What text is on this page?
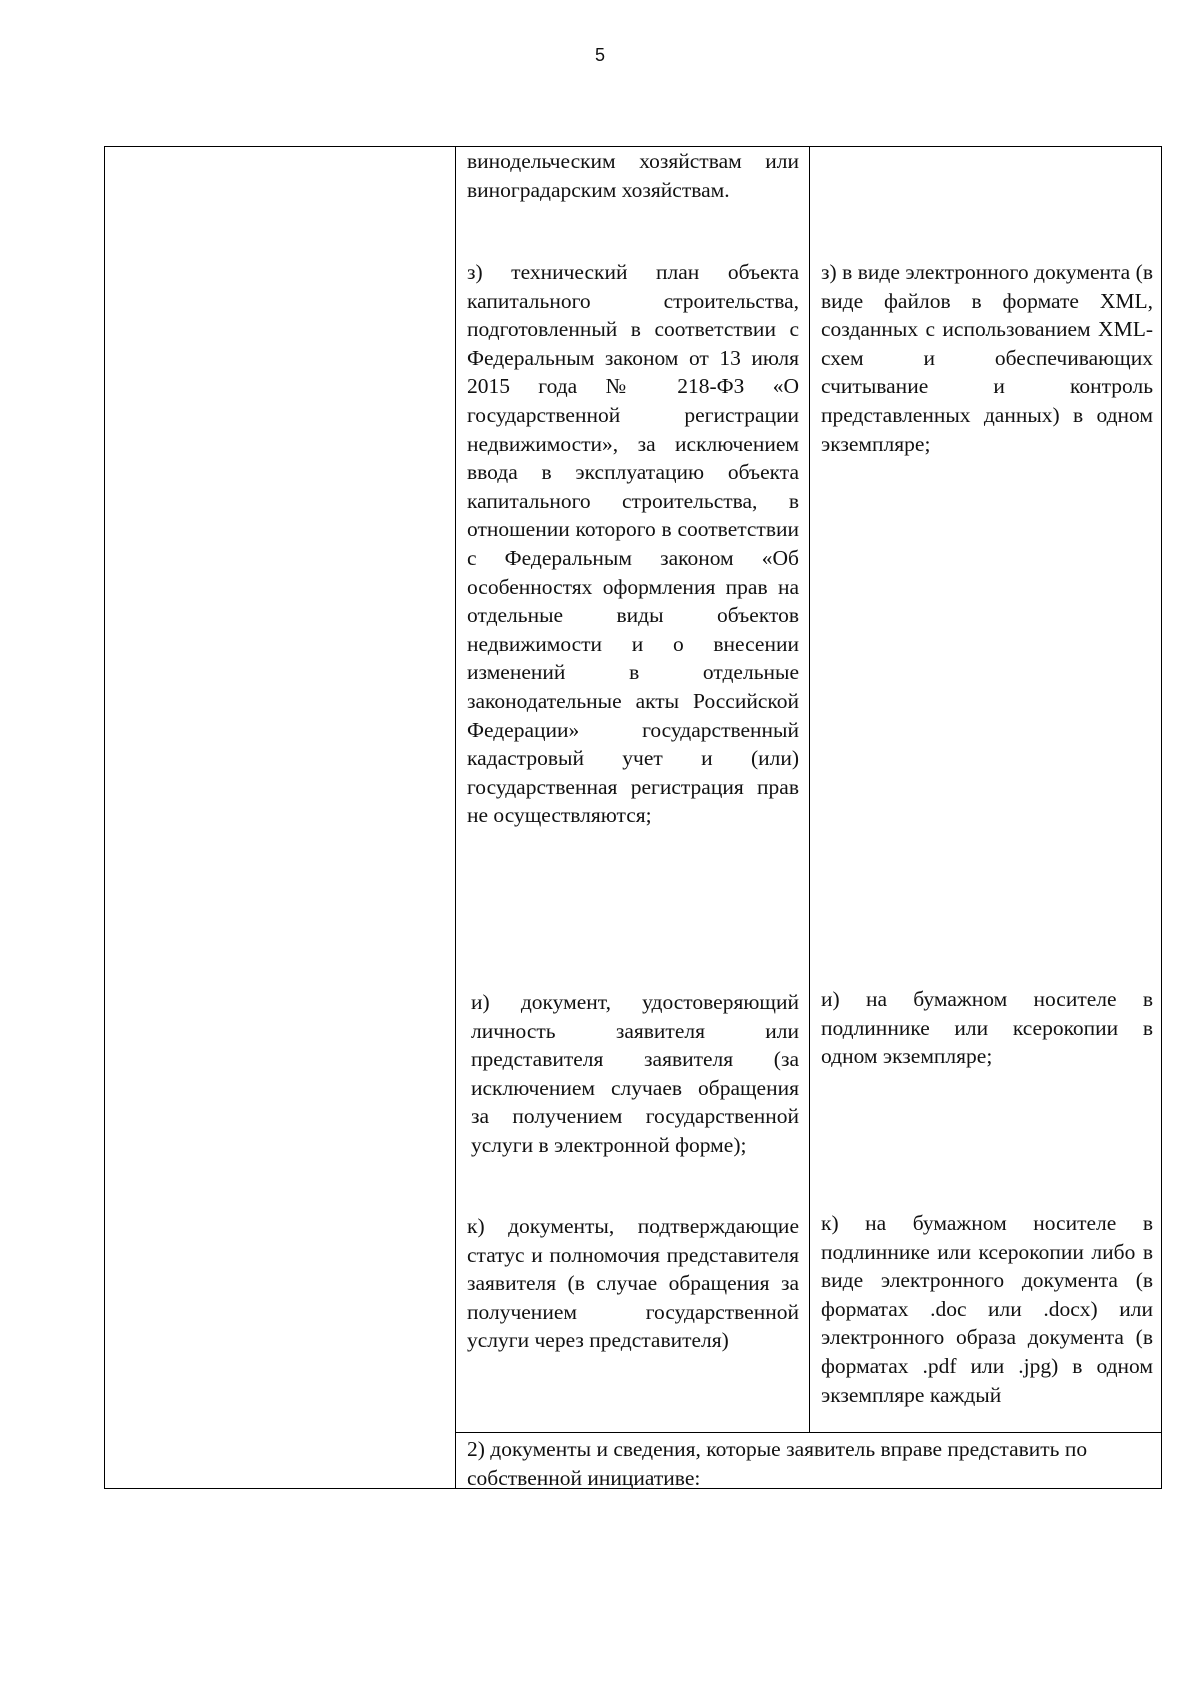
5
винодельческим хозяйствам или виноградарским хозяйствам.
з) технический план объекта капитального строительства, подготовленный в соответствии с Федеральным законом от 13 июля 2015 года № 218-ФЗ «О государственной регистрации недвижимости», за исключением ввода в эксплуатацию объекта капитального строительства, в отношении которого в соответствии с Федеральным законом «Об особенностях оформления прав на отдельные виды объектов недвижимости и о внесении изменений в отдельные законодательные акты Российской Федерации» государственный кадастровый учет и (или) государственная регистрация прав не осуществляются;
з) в виде электронного документа (в виде файлов в формате XML, созданных с использованием XML-схем и обеспечивающих считывание и контроль представленных данных) в одном экземпляре;
и) документ, удостоверяющий личность заявителя или представителя заявителя (за исключением случаев обращения за получением государственной услуги в электронной форме);
и) на бумажном носителе в подлиннике или ксерокопии в одном экземпляре;
к) документы, подтверждающие статус и полномочия представителя заявителя (в случае обращения за получением государственной услуги через представителя)
к) на бумажном носителе в подлиннике или ксерокопии либо в виде электронного документа (в форматах .doc или .docx) или электронного образа документа (в форматах .pdf или .jpg) в одном экземпляре каждый
2) документы и сведения, которые заявитель вправе представить по собственной инициативе:
